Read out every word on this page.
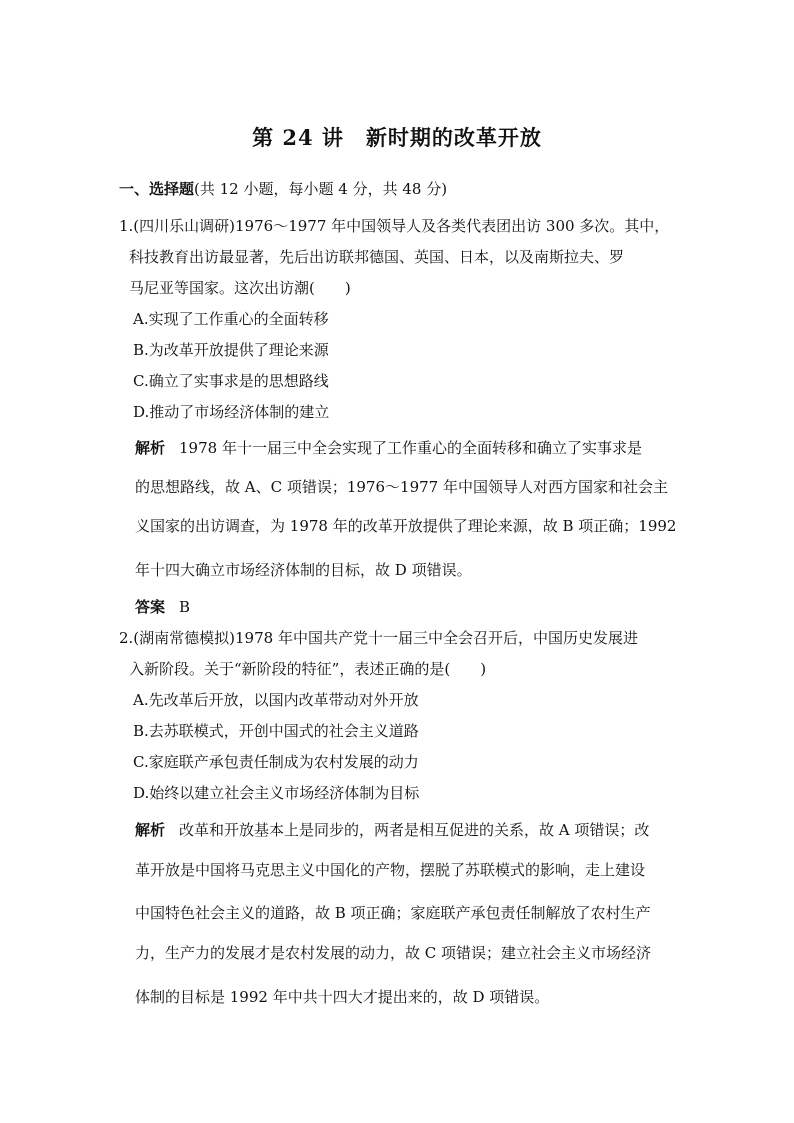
第 24 讲 新时期的改革开放
一、选择题(共 12 小题，每小题 4 分，共 48 分)
1.(四川乐山调研)1976～1977 年中国领导人及各类代表团出访 300 多次。其中，
科技教育出访最显著，先后出访联邦德国、英国、日本，以及南斯拉夫、罗
马尼亚等国家。这次出访潮(　　)
A.实现了工作重心的全面转移
B.为改革开放提供了理论来源
C.确立了实事求是的思想路线
D.推动了市场经济体制的建立
解析 1978 年十一届三中全会实现了工作重心的全面转移和确立了实事求是
的思想路线，故 A、C 项错误；1976～1977 年中国领导人对西方国家和社会主
义国家的出访调查，为 1978 年的改革开放提供了理论来源，故 B 项正确；1992
年十四大确立市场经济体制的目标，故 D 项错误。
答案 B
2.(湖南常德模拟)1978 年中国共产党十一届三中全会召开后，中国历史发展进
入新阶段。关于“新阶段的特征”，表述正确的是(　　)
A.先改革后开放，以国内改革带动对外开放
B.去苏联模式，开创中国式的社会主义道路
C.家庭联产承包责任制成为农村发展的动力
D.始终以建立社会主义市场经济体制为目标
解析 改革和开放基本上是同步的，两者是相互促进的关系，故 A 项错误；改
革开放是中国将马克思主义中国化的产物，摆脱了苏联模式的影响，走上建设
中国特色社会主义的道路，故 B 项正确；家庭联产承包责任制解放了农村生产
力，生产力的发展才是农村发展的动力，故 C 项错误；建立社会主义市场经济
体制的目标是 1992 年中共十四大才提出来的，故 D 项错误。
